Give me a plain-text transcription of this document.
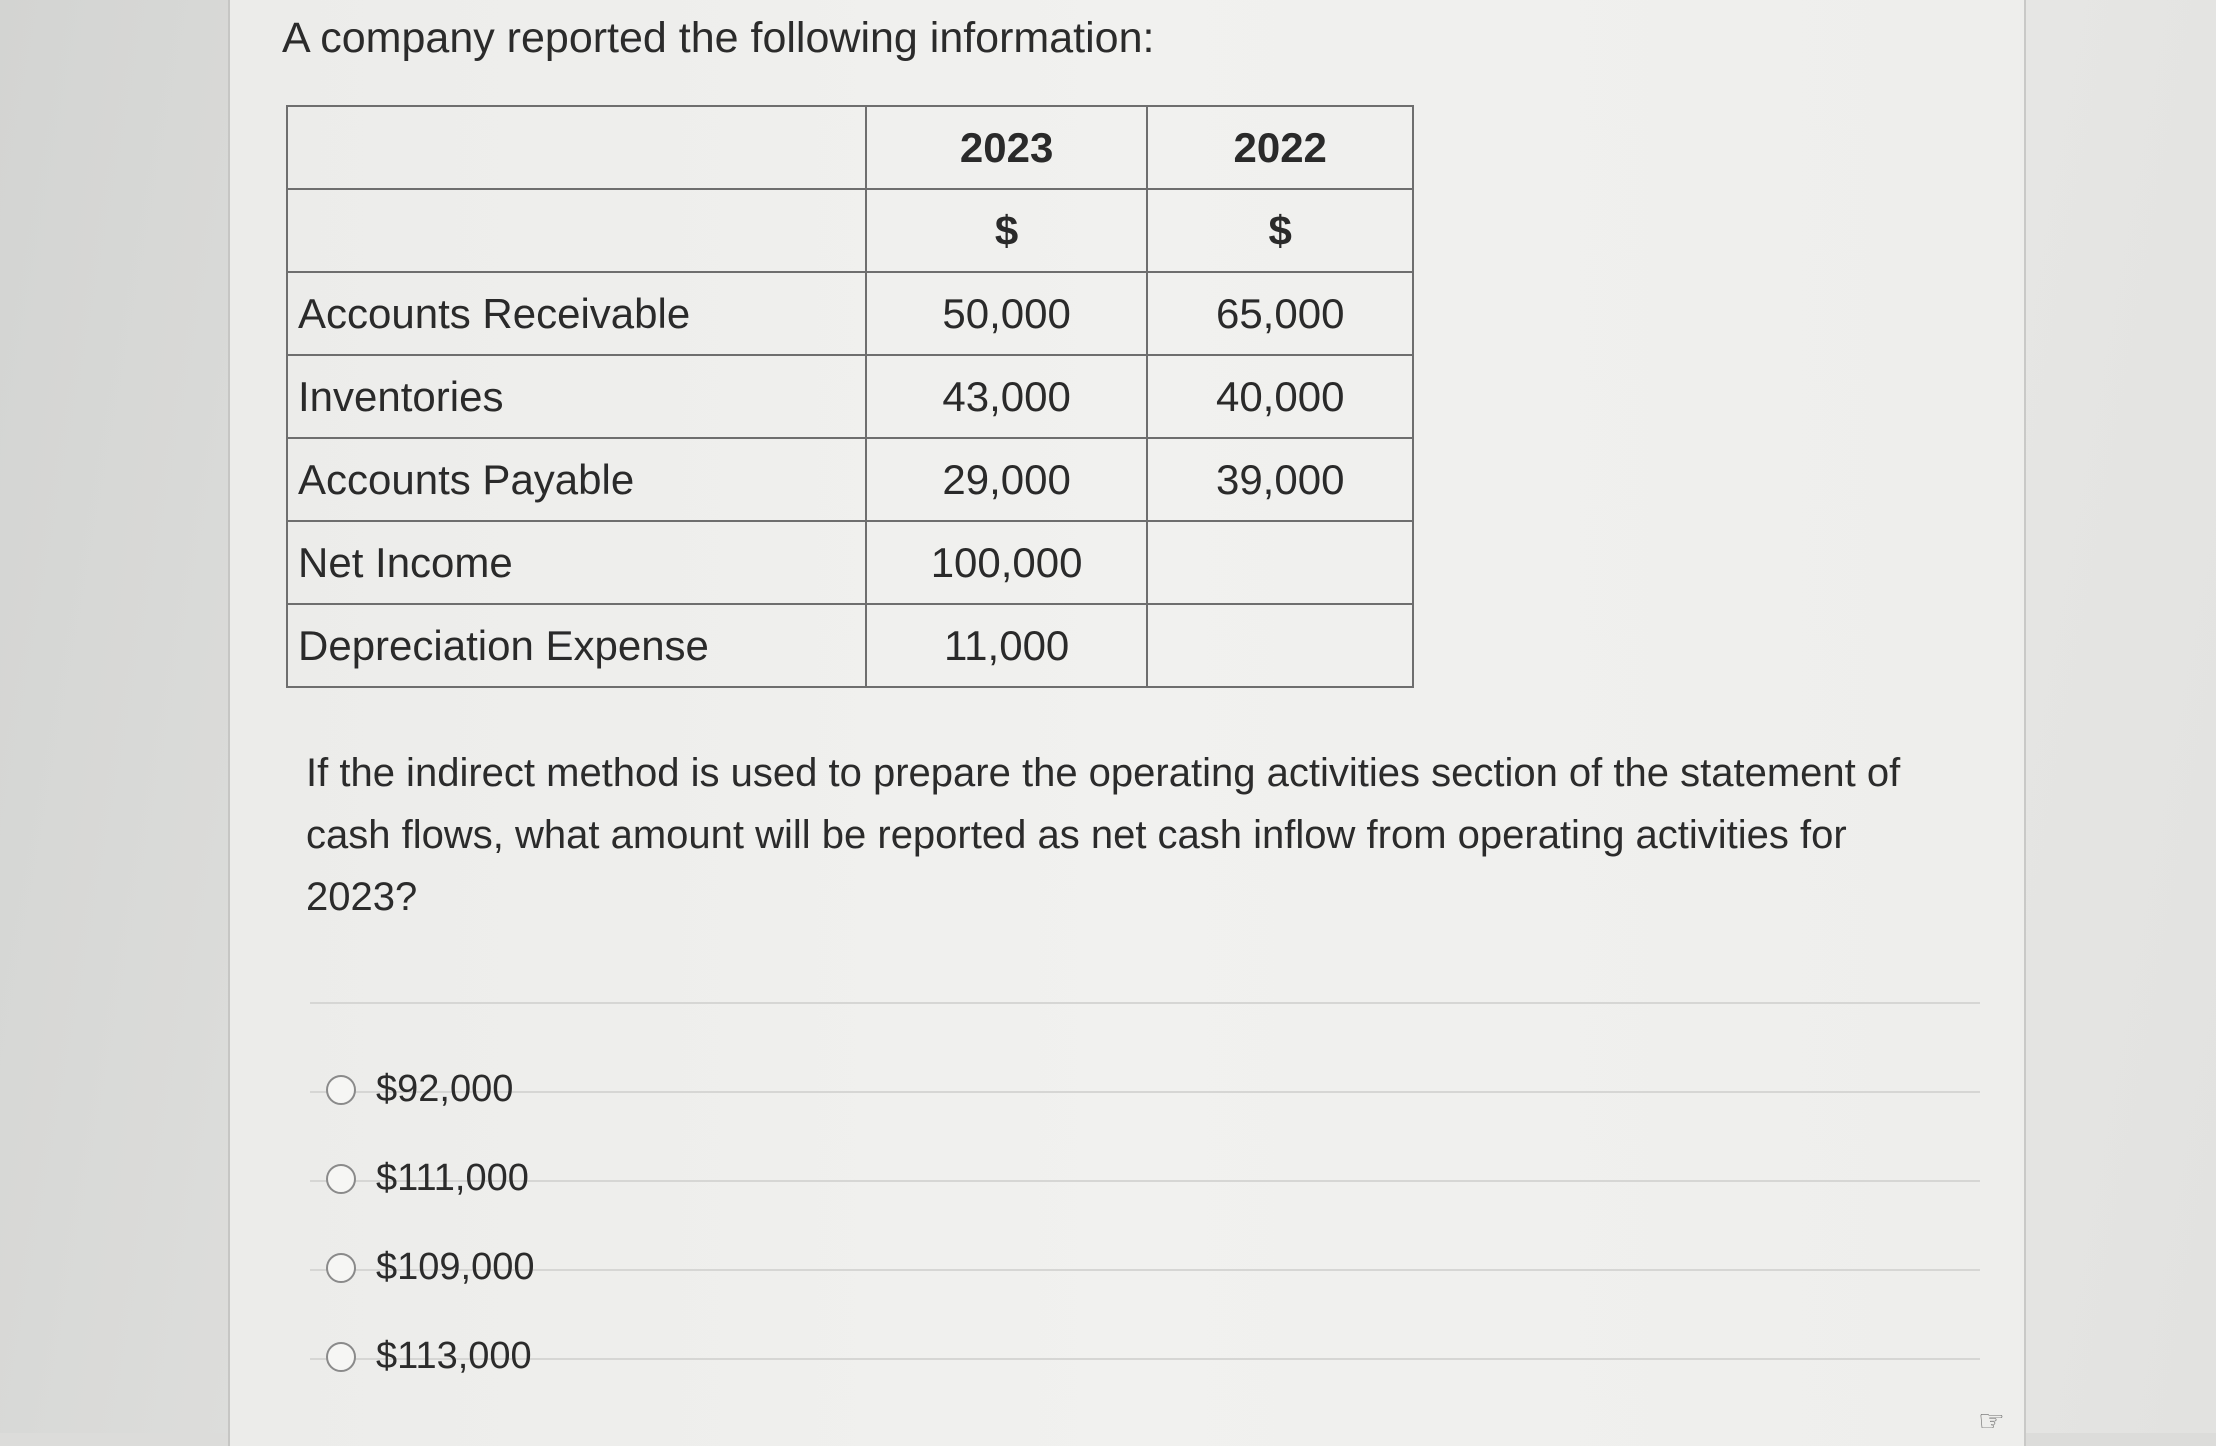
A company reported the following information:
	2023	2022
	$	$
Accounts Receivable	50,000	65,000
Inventories	43,000	40,000
Accounts Payable	29,000	39,000
Net Income	100,000	
Depreciation Expense	11,000	
If the indirect method is used to prepare the operating activities section of the statement of cash flows, what amount will be reported as net cash inflow from operating activities for 2023?
$92,000
$111,000
$109,000
$113,000
☞
